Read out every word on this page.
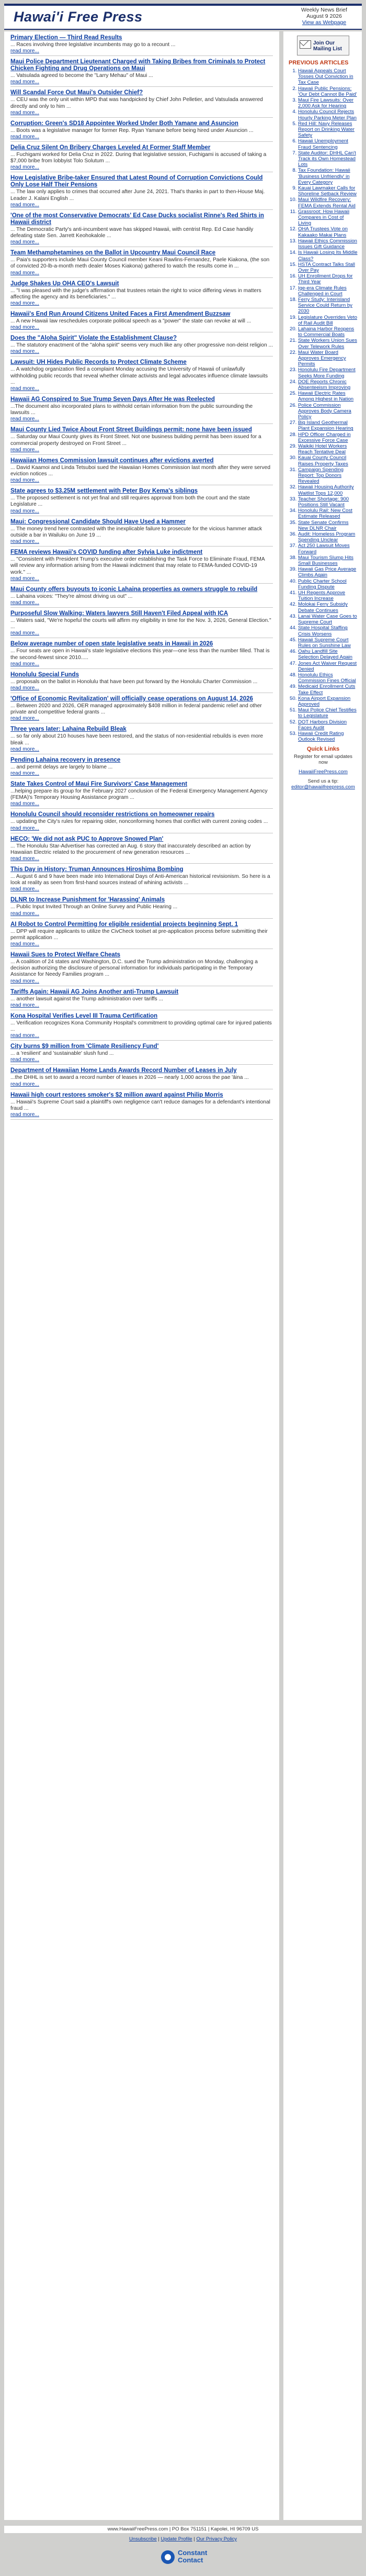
Hawai'i Free Press	Weekly News Brief
August 9 2026
View as Webpage
Primary Election — Third Read Results

... Races involving three legislative incumbents may go to a recount ...

read more...
Maui Police Department Lieutenant Charged with Taking Bribes from Criminals to Protect Chicken Fighting and Drug Operations on Maui

... Vatsulada agreed to become the "Larry Mehau" of Maui ...

read more...
Will Scandal Force Out Maui's Outsider Chief?

... CEU was the only unit within MPD that was handpicked by Chief John Pelletier, and Vatsulada answered directly and only to him ...

read more...
Corruption: Green's SD18 Appointee Worked Under Both Yamane and Asuncion

... Boots was a legislative manager for former Rep. Ryan Yamane before being hired under Asuncion ...

read more...
Delia Cruz Silent On Bribery Charges Leveled At Former Staff Member

... Fuchigami worked for Delia Cruz in 2022. During that legislative session, Fuchigami is accused of taking a $7,000 bribe from lobbyist Tolo Solutum ...

read more...
How Legislative Bribe-taker Ensured that Latest Round of Corruption Convictions Could Only Lose Half Their Pensions

... The law only applies to crimes that occurred after June 24, 2021. That's thanks in part to then-House Maj. Leader J. Kalani English ...

read more...
'One of the most Conservative Democrats' Ed Case Ducks socialist Rinne's Red Shirts in Hawaii district

... The Democratic Party's anti-incumbent wave has skipped Hawaii, with centrist Rep. Ed Case handily defeating state Sen. Jarrett Keohokalole ...

read more...
Team Methamphetamines on the Ballot in Upcountry Maui Council Race

... Paia's supporters include Maui County Council member Keani Rawlins-Fernandez, Paele Kiakona, (the son of convicted 20-lb-a-month meth dealer Moses Kiakona) gathered to watch the results come in ...

read more...
Judge Shakes Up OHA CEO's Lawsuit

... "I was pleased with the judge's affirmation that trustees retain the right to voice differing views in matters affecting the agency and its beneficiaries." ...

read more...
Hawaii's End Run Around Citizens United Faces a First Amendment Buzzsaw

... A new Hawaii law reschedules corporate political speech as a "power" the state can revoke at will ...

read more...
Does the "Aloha Spirit" Violate the Establishment Clause?

... The statutory enactment of the "aloha spirit" seems very much like any other progressive non-deist religion ...

read more...
Lawsuit: UH Hides Public Records to Protect Climate Scheme

... A watchdog organization filed a complaint Monday accusing the University of Hawaii of unlawfully withholding public records that reveal whether climate activists and legal advocates influence climate lawsuits ...

read more...
Hawaii AG Conspired to Sue Trump Seven Days After He was Reelected

...The document also incorporated plans to withhold certain information from the public surrounding the lawsuits ...

read more...
Maui County Lied Twice About Front Street Buildings permit: none have been issued

... Saturday our Maui County gives its Front Street. Not one business building permit has been issued for a commercial property destroyed on Front Street ...

read more...
Hawaiian Homes Commission lawsuit continues after evictions averted

... David Kaamoi and Linda Tetsuboi sued the Hawaiian Homes Commission last month after they were served eviction notices ...

read more...
State agrees to $3.25M settlement with Peter Boy Kema's siblings

... The proposed settlement is not yet final and still requires approval from both the court and the state Legislature ...

read more...
Maui: Congressional Candidate Should Have Used a Hammer

... The money trend here contrasted with the inexplicable failure to prosecute for the vicious hammer attack outside a bar in Wailuku on June 19 ...

read more...
FEMA reviews Hawaii's COVID funding after Sylvia Luke indictment

... "Consistent with President Trump's executive order establishing the Task Force to Eliminate Fraud, FEMA will review any information arising from the Hawaii indictment that may relate to FEMA-funded COVID-19 work." ...

read more...
Maui County offers buyouts to iconic Lahaina properties as owners struggle to rebuild

... Lahaina voices: "They're almost driving us out" ...

read more...
Purposeful Slow Walking: Waters lawyers Still Haven't Filed Appeal with ICA

... Waters said, "We're hopeful the courts will affirm my eligibility in time for the Nov. 3, 2026, General Election." ...

read more...
Below average number of open state legislative seats in Hawaii in 2026

... Four seats are open in Hawaii's state legislative elections this year—one less than the number filled. That is the second-fewest since 2010.....

read more...
Honolulu Special Funds

... proposals on the ballot in Honolulu that have been put forward by the Honolulu Charter Commission ...

read more...
'Office of Economic Revitalization' will officially cease operations on August 14, 2026

... Between 2020 and 2026, OER managed approximately $408 million in federal pandemic relief and other private and competitive federal grants ...

read more...
Three years later: Lahaina Rebuild Bleak

... so far only about 210 houses have been restored, and the status of non-residential rebuilds is even more bleak ...

read more...
Pending Lahaina recovery in presence

... and permit delays are largely to blame ...

read more...
State Takes Control of Maui Fire Survivors' Case Management

...helping prepare its group for the February 2027 conclusion of the Federal Emergency Management Agency (FEMA)'s Temporary Housing Assistance program ...

read more...
Honolulu Council should reconsider restrictions on homeowner repairs

... updating the City's rules for repairing older, nonconforming homes that conflict with current zoning codes ...

read more...
HECO: 'We did not ask PUC to Approve Snowed Plan'

... The Honolulu Star-Advertiser has corrected an Aug. 6 story that inaccurately described an action by Hawaiian Electric related to the procurement of new generation resources ...

read more...
This Day in History: Truman Announces Hiroshima Bombing

... August 6 and 9 have been made into International Days of Anti-American historical revisionism. So here is a look at reality as seen from first-hand sources instead of whining activists ...

read more...
DLNR to Increase Punishment for 'Harassing' Animals

... Public Input Invited Through an Online Survey and Public Hearing ...

read more...
AI Robot to Control Permitting for eligible residential projects beginning Sept. 1

... DPP will require applicants to utilize the CivCheck toolset at pre-application process before submitting their permit application ...

read more...
Hawaii Sues to Protect Welfare Cheats

... A coalition of 24 states and Washington, D.C. sued the Trump administration on Monday, challenging a decision authorizing the disclosure of personal information for individuals participating in the Temporary Assistance for Needy Families program ...

read more...
Tariffs Again: Hawaii AG Joins Another anti-Trump Lawsuit

... another lawsuit against the Trump administration over tariffs ...

read more...
Kona Hospital Verifies Level III Trauma Certification

... Verification recognizes Kona Community Hospital's commitment to providing optimal care for injured patients ...

read more...
City burns $9 million from 'Climate Resiliency Fund'

... a 'resilient' and 'sustainable' slush fund ...

read more...
Department of Hawaiian Home Lands Awards Record Number of Leases in July

...the DHHL is set to award a record number of leases in 2026 — nearly 1,000 across the pae 'āina ...

read more...
Hawaii high court restores smoker's $2 million award against Philip Morris

... Hawaii's Supreme Court said a plaintiff's own negligence can't reduce damages for a defendant's intentional fraud ...

read more...
Join Our Mailing List
PREVIOUS ARTICLES
1. Hawaii Appeals Court Tosses Out Conviction in Tax Case
2. Hawaii Public Pensions: 'Our Debt Cannot Be Paid'
3. Maui Fire Lawsuits: Over 2,000 Ask for Hearing
4. Honolulu Council Rejects Hourly Parking Meter Plan
5. Red Hill: Navy Releases Report on Drinking Water Safety
6. Hawaii Unemployment Fraud Sentencing
7. State Auditor: DHHL Can't Track its Own Homestead Lots
8. Tax Foundation: Hawaii 'Business Unfriendly' in Every Category
9. Kauai Lawmaker Calls for Shoreline Setback Review
10. Maui Wildfire Recovery: FEMA Extends Rental Aid
11. Grassroot: How Hawaii Compares in Cost of Living
12. OHA Trustees Vote on Kakaako Makai Plans
13. Hawaii Ethics Commission Issues Gift Guidance
14. Is Hawaii Losing Its Middle Class?
15. HSTA Contract Talks Stall Over Pay
16. UH Enrollment Drops for Third Year
17. Ige-era Climate Rules Challenged in Court
18. Ferry Study: Interisland Service Could Return by 2030
19. Legislature Overrides Veto of Rail Audit Bill
20. Lahaina Harbor Reopens to Commercial Boats
21. State Workers Union Sues Over Telework Rules
22. Maui Water Board Approves Emergency Permits
23. Honolulu Fire Department Seeks More Funding
24. DOE Reports Chronic Absenteeism Improving
25. Hawaii Electric Rates Among Highest in Nation
26. Police Commission Approves Body Camera Policy
27. Big Island Geothermal Plant Expansion Hearing
28. HPD Officer Charged in Excessive Force Case
29. Waikiki Hotel Workers Reach Tentative Deal
30. Kauai County Council Raises Property Taxes
31. Campaign Spending Report: Top Donors Revealed
32. Hawaii Housing Authority Waitlist Tops 12,000
33. Teacher Shortage: 900 Positions Still Vacant
34. Honolulu Rail: New Cost Estimate Released
35. State Senate Confirms New DLNR Chair
36. Audit: Homeless Program Spending Unclear
37. Act 250 Lawsuit Moves Forward
38. Maui Tourism Slump Hits Small Businesses
39. Hawaii Gas Price Average Climbs Again
40. Public Charter School Funding Dispute
41. UH Regents Approve Tuition Increase
42. Molokai Ferry Subsidy Debate Continues
43. Lanai Water Case Goes to Supreme Court
44. State Hospital Staffing Crisis Worsens
45. Hawaii Supreme Court Rules on Sunshine Law
46. Oahu Landfill Site Selection Delayed Again
47. Jones Act Waiver Request Denied
48. Honolulu Ethics Commission Fines Official
49. Medicaid Enrollment Cuts Take Effect
50. Kona Airport Expansion Approved
51. Maui Police Chief Testifies to Legislature
52. DOT Harbors Division Faces Audit
53. Hawaii Credit Rating Outlook Revised
Quick Links
Register for email updates now
HawaiiFreePress.com
Send us a tip:
editor@hawaiifreepress.com
www.HawaiiFreePress.com | PO Box 751151 | Kapolei, HI 96709 US
Unsubscribe | Update Profile | Our Privacy Policy
Constant
Contact
